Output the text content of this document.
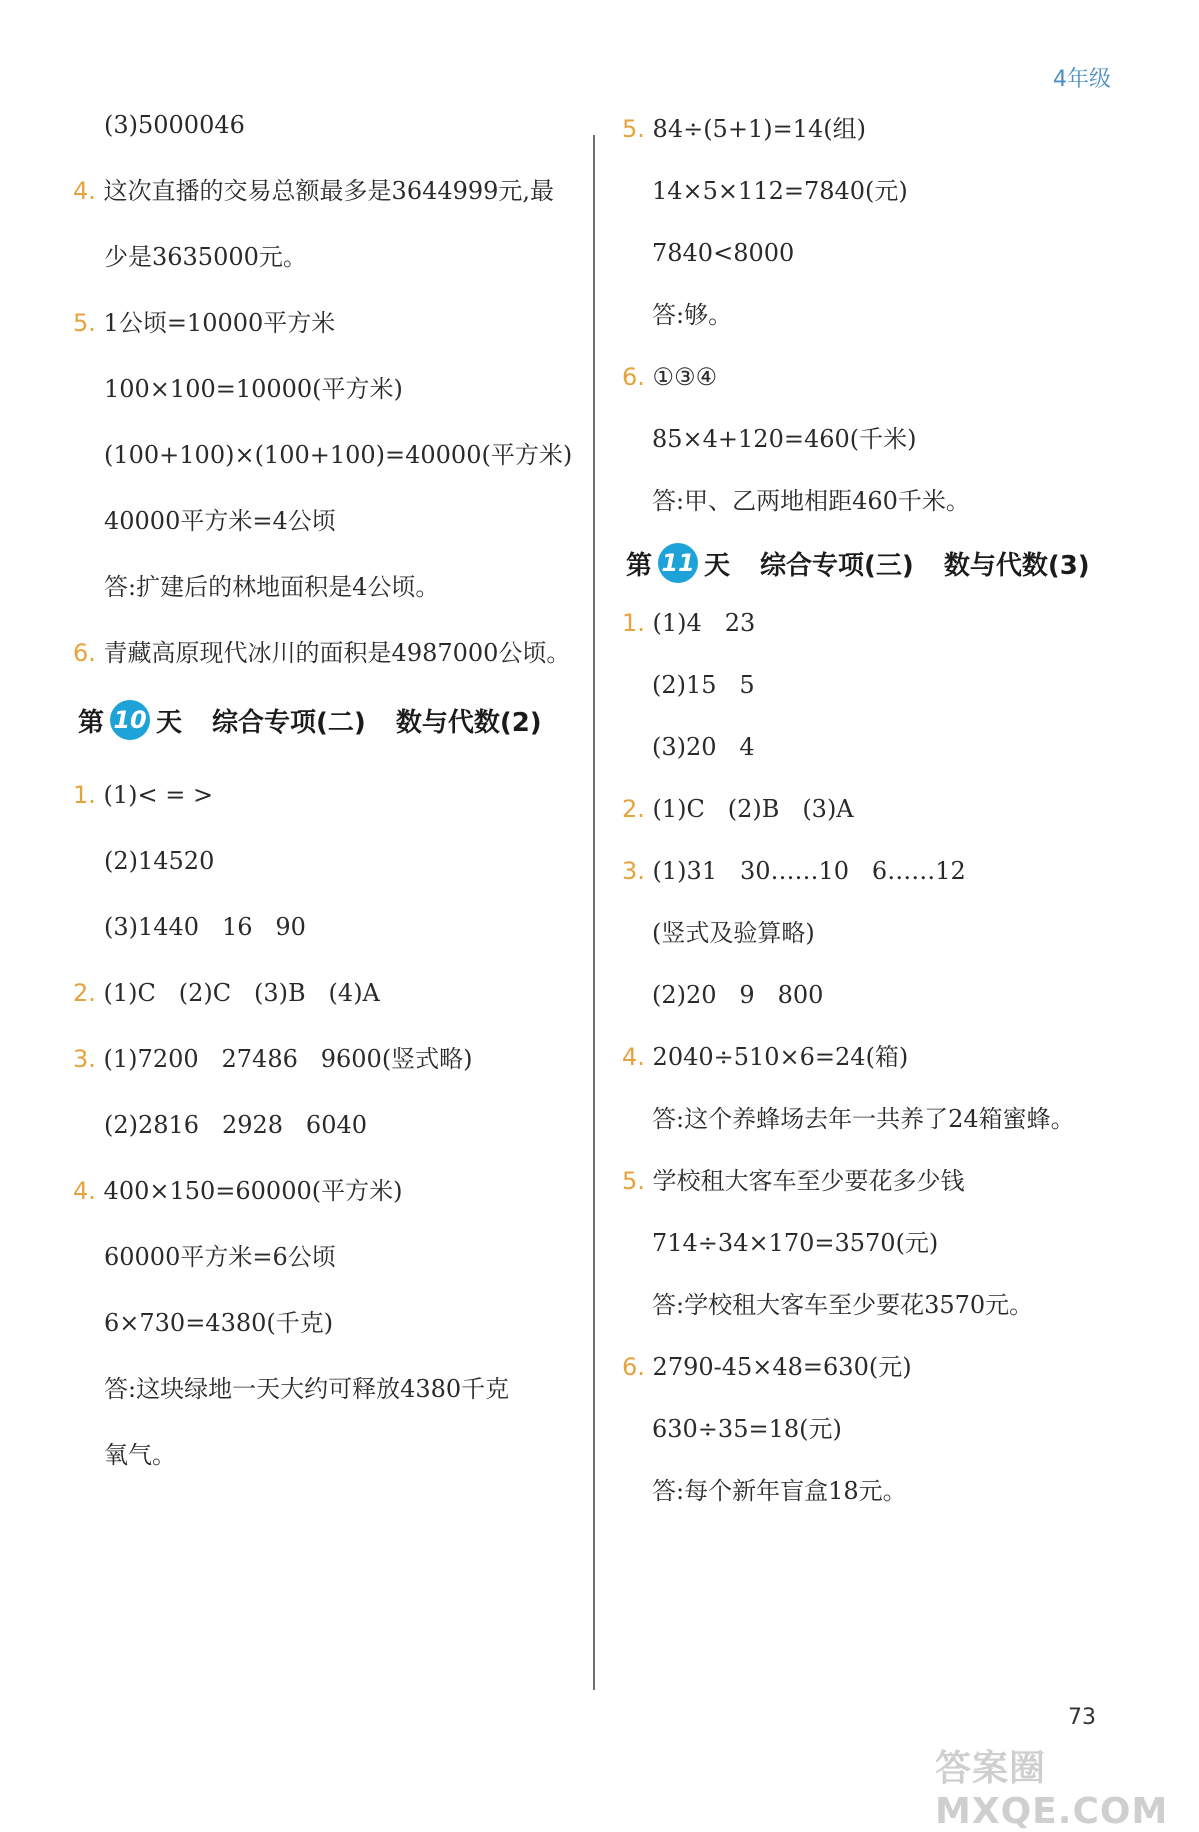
4年级
(3)5000046
4. 这次直播的交易总额最多是3644999元,最
少是3635000元。
5. 1公顷=10000平方米
100×100=10000(平方米)
(100+100)×(100+100)=40000(平方米)
40000平方米=4公顷
答:扩建后的林地面积是4公顷。
6. 青藏高原现代冰川的面积是4987000公顷。
第 10 天 综合专项(二) 数与代数(2)
1. (1)< = >
(2)14520
(3)1440   16   90
2. (1)C   (2)C   (3)B   (4)A
3. (1)7200   27486   9600(竖式略)
(2)2816   2928   6040
4. 400×150=60000(平方米)
60000平方米=6公顷
6×730=4380(千克)
答:这块绿地一天大约可释放4380千克
氧气。
5. 84÷(5+1)=14(组)
14×5×112=7840(元)
7840<8000
答:够。
6. ①③④
85×4+120=460(千米)
答:甲、乙两地相距460千米。
第 11 天 综合专项(三) 数与代数(3)
1. (1)4   23
(2)15   5
(3)20   4
2. (1)C   (2)B   (3)A
3. (1)31   30……10   6……12
(竖式及验算略)
(2)20   9   800
4. 2040÷510×6=24(箱)
答:这个养蜂场去年一共养了24箱蜜蜂。
5. 学校租大客车至少要花多少钱
714÷34×170=3570(元)
答:学校租大客车至少要花3570元。
6. 2790-45×48=630(元)
630÷35=18(元)
答:每个新年盲盒18元。
73
答案圈 MXQE.COM
